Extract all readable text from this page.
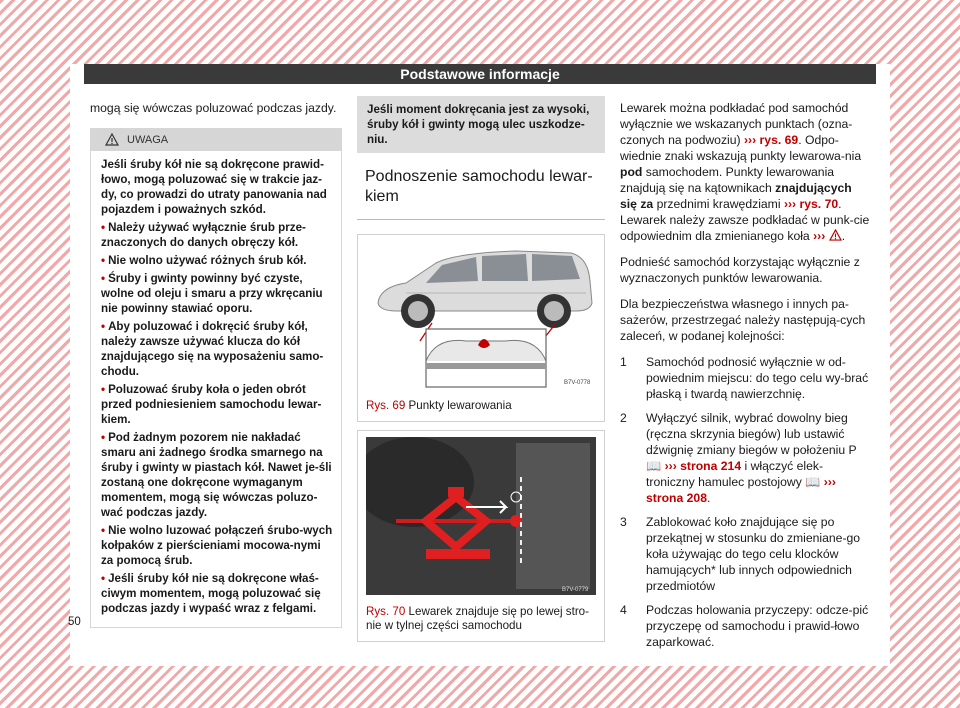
Podstawowe informacje

mogą się wówczas poluzować podczas jazdy.

UWAGA

Jeśli śruby kół nie są dokręcone prawid-łowo, mogą poluzować się w trakcie jaz-dy, co prowadzi do utraty panowania nad pojazdem i poważnych szkód.

• Należy używać wyłącznie śrub prze-znaczonych do danych obręczy kół.

• Nie wolno używać różnych śrub kół.

• Śruby i gwinty powinny być czyste, wolne od oleju i smaru a przy wkręcaniu nie powinny stawiać oporu.

• Aby poluzować i dokręcić śruby kół, należy zawsze używać klucza do kół znajdującego się na wyposażeniu samo-chodu.

• Poluzować śruby koła o jeden obrót przed podniesieniem samochodu lewar-kiem.

• Pod żadnym pozorem nie nakładać smaru ani żadnego środka smarnego na śruby i gwinty w piastach kół. Nawet je-śli zostaną one dokręcone wymaganym momentem, mogą się wówczas poluzo-wać podczas jazdy.

• Nie wolno luzować połączeń śrubo-wych kołpaków z pierścieniami mocowa-nymi za pomocą śrub.

• Jeśli śruby kół nie są dokręcone właś-ciwym momentem, mogą poluzować się podczas jazdy i wypaść wraz z felgami.

Jeśli moment dokręcania jest za wysoki, śruby kół i gwinty mogą ulec uszkodze-niu.
Podnoszenie samochodu lewar-kiem
B7V-0778
Rys. 69 Punkty lewarowania
B7V-0779
Rys. 70 Lewarek znajduje się po lewej stro-nie w tylnej części samochodu

Lewarek można podkładać pod samochód wyłącznie we wskazanych punktach (ozna-czonych na podwoziu) ››› rys. 69. Odpo-wiednie znaki wskazują punkty lewarowa-nia pod samochodem. Punkty lewarowania znajdują się na kątownikach znajdujących się za przednimi krawędziami ››› rys. 70. Lewarek należy zawsze podkładać w punk-cie odpowiednim dla zmienianego koła ››› .

Podnieść samochód korzystając wyłącznie z wyznaczonych punktów lewarowania.

Dla bezpieczeństwa własnego i innych pa-sażerów, przestrzegać należy następują-cych zaleceń, w podanej kolejności:

1	Samochód podnosić wyłącznie w od-powiednim miejscu: do tego celu wy-brać płaską i twardą nawierzchnię.
2	Wyłączyć silnik, wybrać dowolny bieg (ręczna skrzynia biegów) lub ustawić dźwignię zmiany biegów w położeniu P 📖 ››› strona 214 i włączyć elek-troniczny hamulec postojowy 📖 ››› strona 208.
3	Zablokować koło znajdujące się po przekątnej w stosunku do zmieniane-go koła używając do tego celu klocków hamujących* lub innych odpowiednich przedmiotów
4	Podczas holowania przyczepy: odcze-pić przyczepę od samochodu i prawid-łowo zaparkować.
50
